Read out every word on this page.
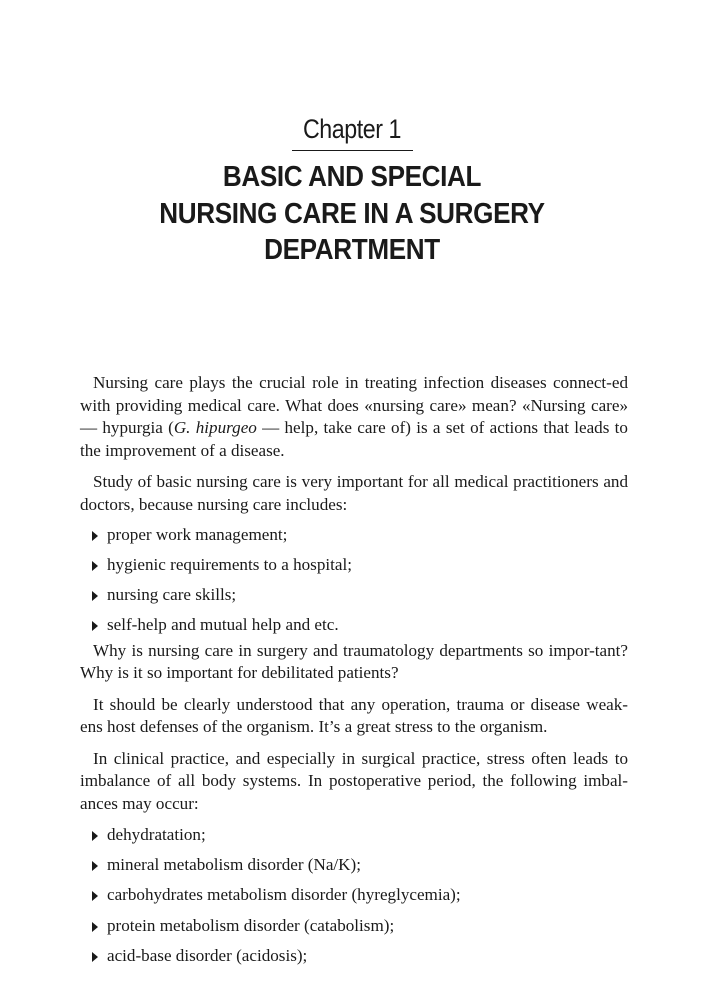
Chapter 1
BASIC AND SPECIAL
NURSING CARE IN A SURGERY
DEPARTMENT

Nursing care plays the crucial role in treating infection diseases connect-ed with providing medical care. What does «nursing care» mean? «Nursing care» — hypurgia (G. hipurgeo — help, take care of) is a set of actions that leads to the improvement of a disease.

Study of basic nursing care is very important for all medical practitioners and doctors, because nursing care includes:

proper work management;
hygienic requirements to a hospital;
nursing care skills;
self-help and mutual help and etc.

Why is nursing care in surgery and traumatology departments so impor-tant? Why is it so important for debilitated patients?

It should be clearly understood that any operation, trauma or disease weak-ens host defenses of the organism. It’s a great stress to the organism.

In clinical practice, and especially in surgical practice, stress often leads to imbalance of all body systems. In postoperative period, the following imbal-ances may occur:

dehydratation;
mineral metabolism disorder (Na/K);
carbohydrates metabolism disorder (hyreglycemia);
protein metabolism disorder (catabolism);
acid-base disorder (acidosis);
